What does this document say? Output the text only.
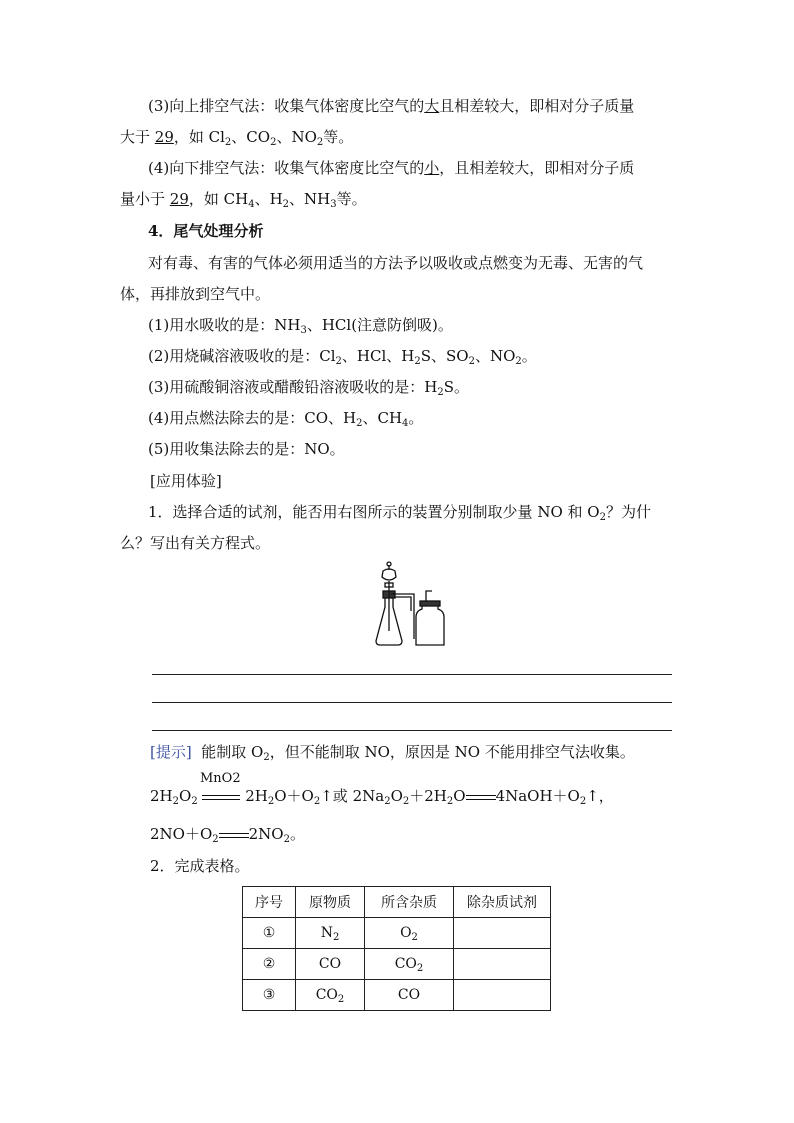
(3)向上排空气法：收集气体密度比空气的大且相差较大，即相对分子质量
大于 29，如 $Cl_2$、$CO_2$、$NO_2$等。
(4)向下排空气法：收集气体密度比空气的小，且相差较大，即相对分子质
量小于 29，如 $CH_4$、$H_2$、$NH_3$等。
4．尾气处理分析
对有毒、有害的气体必须用适当的方法予以吸收或点燃变为无毒、无害的气
体，再排放到空气中。
(1)用水吸收的是：$NH_3$、HCl(注意防倒吸)。
(2)用烧碱溶液吸收的是：$Cl_2$、HCl、$H_2S$、$SO_2$、$NO_2$。
(3)用硫酸铜溶液或醋酸铅溶液吸收的是：$H_2S$。
(4)用点燃法除去的是：CO、$H_2$、$CH_4$。
(5)用收集法除去的是：NO。
[应用体验]
1．选择合适的试剂，能否用右图所示的装置分别制取少量 NO 和 $O_2$？为什
么？写出有关方程式。
[提示] 能制取 $O_2$，但不能制取 NO，原因是 NO 不能用排空气法收集。
MnO2
$2H_2O_2$	$2H_2O+O_2↑$或 $2Na_2O_2+2H_2O$ $4NaOH+O_2↑$，
$2NO+O_2$ $2NO_2$。
2．完成表格。
序号	原物质	所含杂质	除杂质试剂
①	$N_2$	$O_2$	
②	CO	$CO_2$	
③	$CO_2$	CO	
